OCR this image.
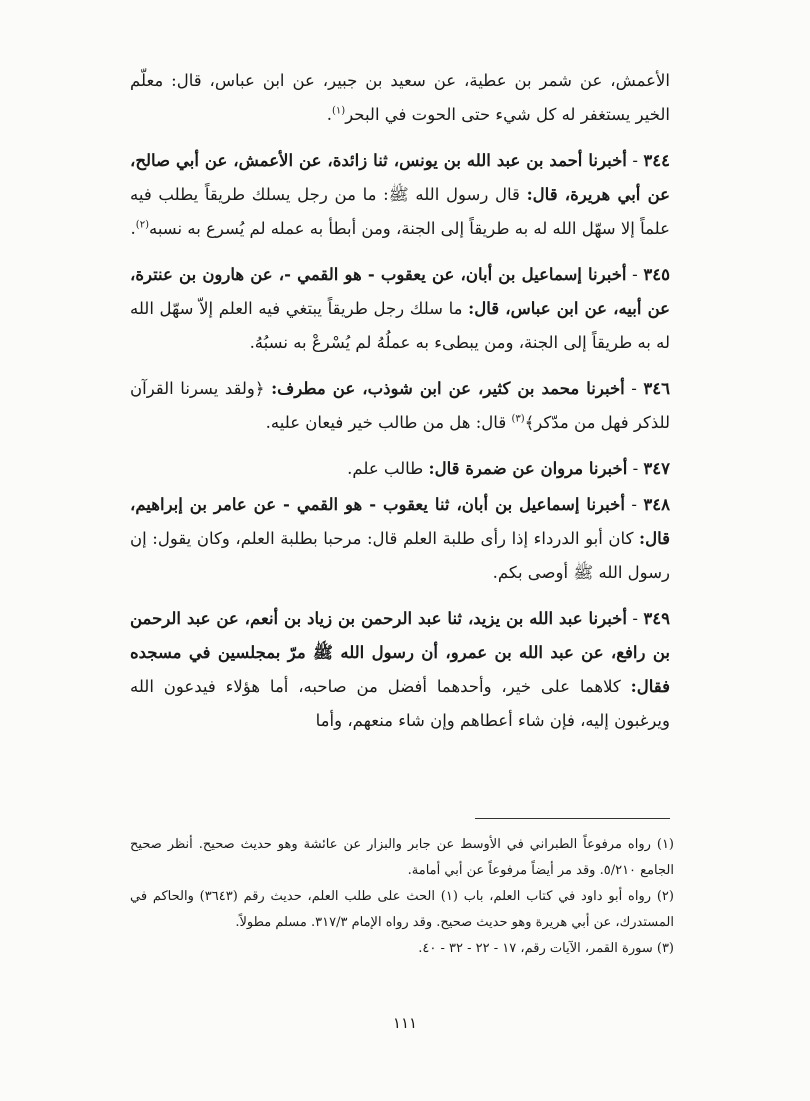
الأعمش، عن شمر بن عطية، عن سعيد بن جبير، عن ابن عباس، قال: معلّم الخير يستغفر له كل شيء حتى الحوت في البحر$^{(١)}$.

٣٤٤ - أخبرنا أحمد بن عبد الله بن يونس، ثنا زائدة، عن الأعمش، عن أبي صالح، عن أبي هريرة، قال: قال رسول الله ﷺ: ما من رجل يسلك طريقاً يطلب فيه علماً إلا سهّل الله له به طريقاً إلى الجنة، ومن أبطأ به عمله لم يُسرع به نسبه$^{(٢)}$.

٣٤٥ - أخبرنا إسماعيل بن أبان، عن يعقوب - هو القمي -، عن هارون بن عنترة، عن أبيه، عن ابن عباس، قال: ما سلك رجل طريقاً يبتغي فيه العلم إلاّ سهّل الله له به طريقاً إلى الجنة، ومن يبطىء به عملُهُ لم يُسْرعْ به نسبُهُ.

٣٤٦ - أخبرنا محمد بن كثير، عن ابن شوذب، عن مطرف: ﴿ولقد يسرنا القرآن للذكر فهل من مدّكر﴾$^{(٣)}$ قال: هل من طالب خير فيعان عليه.

٣٤٧ - أخبرنا مروان عن ضمرة قال: طالب علم.

٣٤٨ - أخبرنا إسماعيل بن أبان، ثنا يعقوب - هو القمي - عن عامر بن إبراهيم، قال: كان أبو الدرداء إذا رأى طلبة العلم قال: مرحبا بطلبة العلم، وكان يقول: إن رسول الله ﷺ أوصى بكم.

٣٤٩ - أخبرنا عبد الله بن يزيد، ثنا عبد الرحمن بن زياد بن أنعم، عن عبد الرحمن بن رافع، عن عبد الله بن عمرو، أن رسول الله ﷺ مرّ بمجلسين في مسجده فقال: كلاهما على خير، وأحدهما أفضل من صاحبه، أما هؤلاء فيدعون الله ويرغبون إليه، فإن شاء أعطاهم وإن شاء منعهم، وأما

(١) رواه مرفوعاً الطبراني في الأوسط عن جابر والبزار عن عائشة وهو حديث صحيح. أنظر صحيح الجامع ٥/٢١٠. وقد مر أيضاً مرفوعاً عن أبي أمامة.

(٢) رواه أبو داود في كتاب العلم، باب (١) الحث على طلب العلم، حديث رقم (٣٦٤٣) والحاكم في المستدرك، عن أبي هريرة وهو حديث صحيح. وقد رواه الإمام ٣١٧/٣. مسلم مطولاً.

(٣) سورة القمر، الآيات رقم، ١٧ - ٢٢ - ٣٢ - ٤٠.

١١١
